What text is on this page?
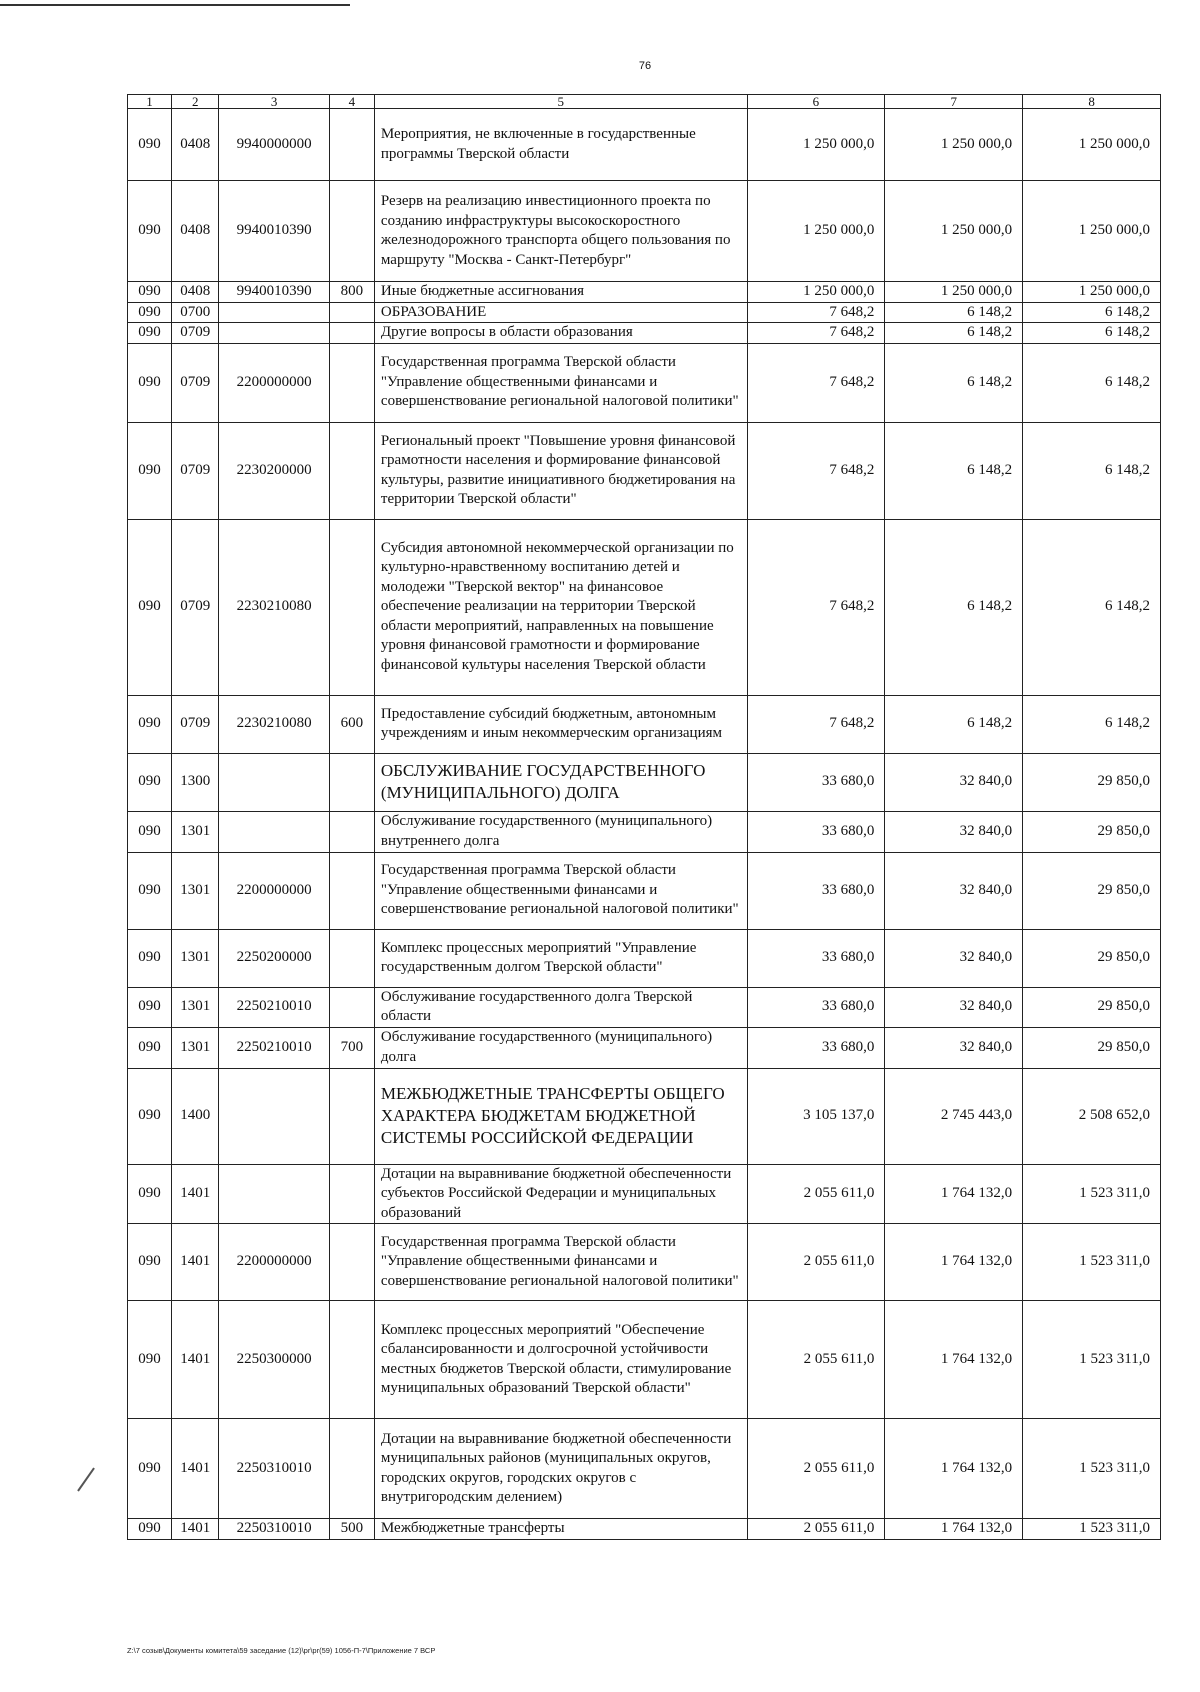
76
1	2	3	4	5	6	7	8
090	0408	9940000000		Мероприятия, не включенные в государственные программы Тверской области	1 250 000,0	1 250 000,0	1 250 000,0
090	0408	9940010390		Резерв на реализацию инвестиционного проекта по созданию инфраструктуры высокоскоростного железнодорожного транспорта общего пользования по маршруту "Москва - Санкт-Петербург"	1 250 000,0	1 250 000,0	1 250 000,0
090	0408	9940010390	800	Иные бюджетные ассигнования	1 250 000,0	1 250 000,0	1 250 000,0
090	0700			ОБРАЗОВАНИЕ	7 648,2	6 148,2	6 148,2
090	0709			Другие вопросы в области образования	7 648,2	6 148,2	6 148,2
090	0709	2200000000		Государственная программа Тверской области "Управление общественными финансами и совершенствование региональной налоговой политики"	7 648,2	6 148,2	6 148,2
090	0709	2230200000		Региональный проект "Повышение уровня финансовой грамотности населения и формирование финансовой культуры, развитие инициативного бюджетирования на территории Тверской области"	7 648,2	6 148,2	6 148,2
090	0709	2230210080		Субсидия автономной некоммерческой организации по культурно-нравственному воспитанию детей и молодежи "Тверской вектор" на финансовое обеспечение реализации на территории Тверской области мероприятий, направленных на повышение уровня финансовой грамотности и формирование финансовой культуры населения Тверской области	7 648,2	6 148,2	6 148,2
090	0709	2230210080	600	Предоставление субсидий бюджетным, автономным учреждениям и иным некоммерческим организациям	7 648,2	6 148,2	6 148,2
090	1300			ОБСЛУЖИВАНИЕ ГОСУДАРСТВЕННОГО (МУНИЦИПАЛЬНОГО) ДОЛГА	33 680,0	32 840,0	29 850,0
090	1301			Обслуживание государственного (муниципального) внутреннего долга	33 680,0	32 840,0	29 850,0
090	1301	2200000000		Государственная программа Тверской области "Управление общественными финансами и совершенствование региональной налоговой политики"	33 680,0	32 840,0	29 850,0
090	1301	2250200000		Комплекс процессных мероприятий "Управление государственным долгом Тверской области"	33 680,0	32 840,0	29 850,0
090	1301	2250210010		Обслуживание государственного долга Тверской области	33 680,0	32 840,0	29 850,0
090	1301	2250210010	700	Обслуживание государственного (муниципального) долга	33 680,0	32 840,0	29 850,0
090	1400			МЕЖБЮДЖЕТНЫЕ ТРАНСФЕРТЫ ОБЩЕГО ХАРАКТЕРА БЮДЖЕТАМ БЮДЖЕТНОЙ СИСТЕМЫ РОССИЙСКОЙ ФЕДЕРАЦИИ	3 105 137,0	2 745 443,0	2 508 652,0
090	1401			Дотации на выравнивание бюджетной обеспеченности субъектов Российской Федерации и муниципальных образований	2 055 611,0	1 764 132,0	1 523 311,0
090	1401	2200000000		Государственная программа Тверской области "Управление общественными финансами и совершенствование региональной налоговой политики"	2 055 611,0	1 764 132,0	1 523 311,0
090	1401	2250300000		Комплекс процессных мероприятий "Обеспечение сбалансированности и долгосрочной устойчивости местных бюджетов Тверской области, стимулирование муниципальных образований Тверской области"	2 055 611,0	1 764 132,0	1 523 311,0
090	1401	2250310010		Дотации на выравнивание бюджетной обеспеченности муниципальных районов (муниципальных округов, городских округов, городских округов с внутригородским делением)	2 055 611,0	1 764 132,0	1 523 311,0
090	1401	2250310010	500	Межбюджетные трансферты	2 055 611,0	1 764 132,0	1 523 311,0
Z:\7 созыв\Документы комитета\59 заседание (12)\pr\pr(59) 1056-П-7\Приложение 7 ВСР
